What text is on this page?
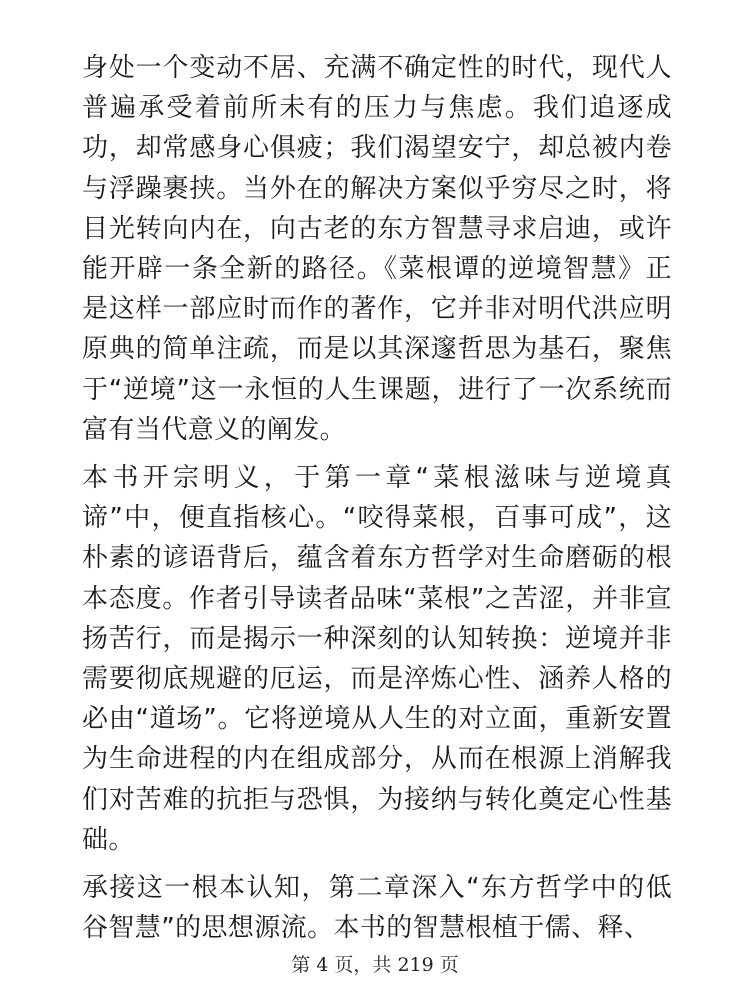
身处一个变动不居、充满不确定性的时代，现代人普遍承受着前所未有的压力与焦虑。我们追逐成功，却常感身心俱疲；我们渴望安宁，却总被内卷与浮躁裹挟。当外在的解决方案似乎穷尽之时，将目光转向内在，向古老的东方智慧寻求启迪，或许能开辟一条全新的路径。《菜根谭的逆境智慧》正是这样一部应时而作的著作，它并非对明代洪应明原典的简单注疏，而是以其深邃哲思为基石，聚焦于“逆境”这一永恒的人生课题，进行了一次系统而富有当代意义的阐发。

本书开宗明义，于第一章“菜根滋味与逆境真谛”中，便直指核心。“咬得菜根，百事可成”，这朴素的谚语背后，蕴含着东方哲学对生命磨砺的根本态度。作者引导读者品味“菜根”之苦涩，并非宣扬苦行，而是揭示一种深刻的认知转换：逆境并非需要彻底规避的厄运，而是淬炼心性、涵养人格的必由“道场”。它将逆境从人生的对立面，重新安置为生命进程的内在组成部分，从而在根源上消解我们对苦难的抗拒与恐惧，为接纳与转化奠定心性基础。

承接这一根本认知，第二章深入“东方哲学中的低谷智慧”的思想源流。本书的智慧根植于儒、释、

第 4 页，共 219 页
